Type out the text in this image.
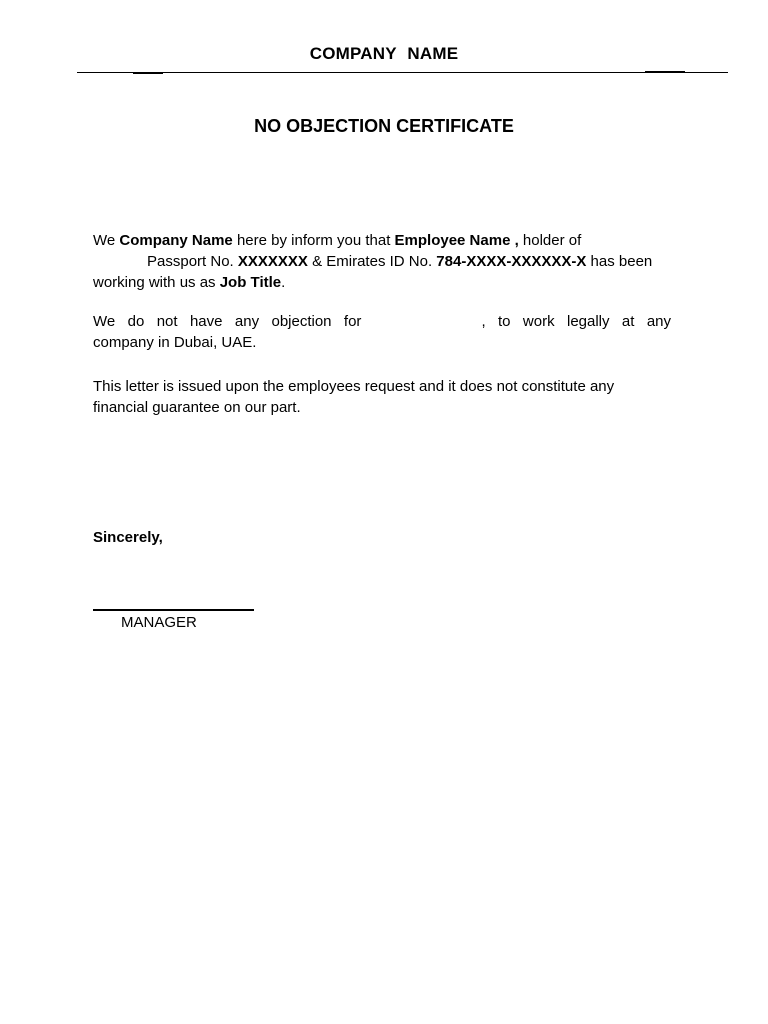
COMPANY NAME
NO OBJECTION CERTIFICATE
We Company Name here by inform you that Employee Name , holder of
Passport No. XXXXXXX & Emirates ID No. 784-XXXX-XXXXXX-X has been
working with us as Job Title.
We do not have any objection for	, to work legally at any
company in Dubai, UAE.
This letter is issued upon the employees request and it does not constitute any
financial guarantee on our part.
Sincerely,
MANAGER
